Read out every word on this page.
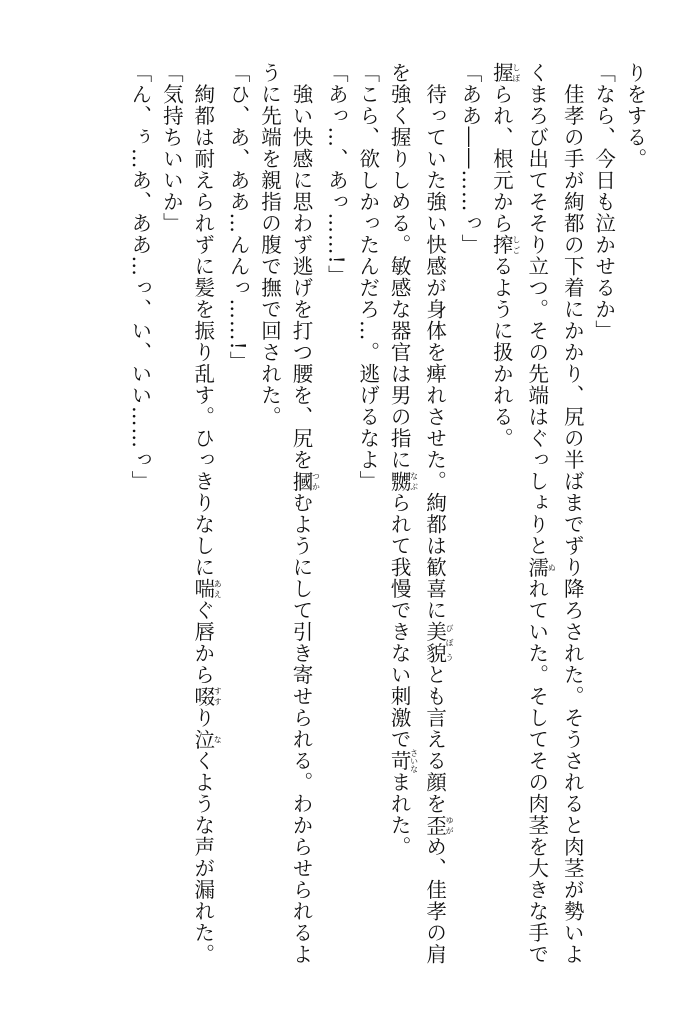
りをする。

「なら、今日も泣かせるか」

　佳孝の手が絢都の下着にかかり、尻の半ばまでずり降ろされた。そうされると肉茎が勢いよ

くまろび出てそそり立つ。その先端はぐっしょりと濡ぬれていた。そしてその肉茎を大きな手で

握しぼられ、根元から搾しごるように扱かれる。

「ああ――……っ」

　待っていた強い快感が身体を痺れさせた。絢都は歓喜に美貌びぼうとも言える顔を歪ゆがめ、佳孝の肩

を強く握りしめる。敏感な器官は男の指に嬲なぶられて我慢できない刺激で苛さいなまれた。

「こら、欲しかったんだろ…。逃げるなよ」

「あっ…、あっ……!」

　強い快感に思わず逃げを打つ腰を、尻を摑つかむようにして引き寄せられる。わからせられるよ

うに先端を親指の腹で撫で回された。

「ひ、あ、ああ…んんっ……!」

　絢都は耐えられずに髪を振り乱す。ひっきりなしに喘あえぐ唇から啜すすり泣なくような声が漏れた。

「気持ちいいか」

「ん、ぅ…あ、ああ…っ、い、いい……っ」
